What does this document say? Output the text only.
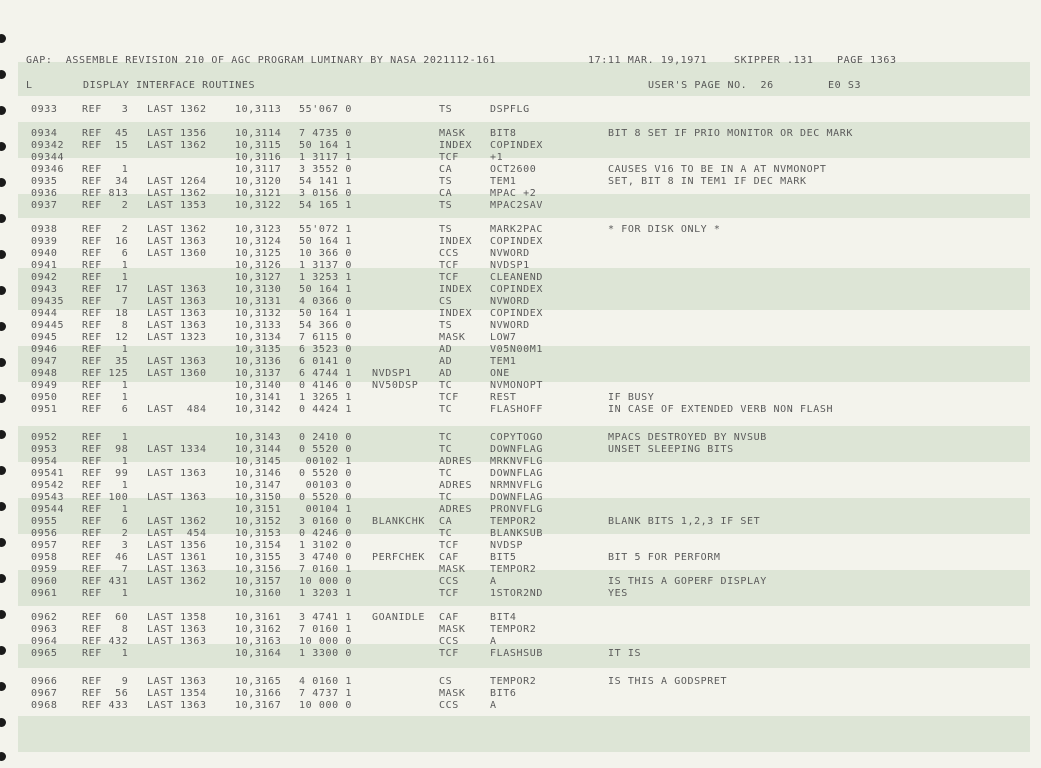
GAP:  ASSEMBLE REVISION 210 OF AGC PROGRAM LUMINARY BY NASA 2021112-161	17:11 MAR. 19,1971	SKIPPER .131 PAGE 1363
L	DISPLAY INTERFACE ROUTINES	USER'S PAGE NO.  26	E0 S3
0933 REF   3 LAST 1362	10,3113 55'067 0	TS	DSPFLG
0934 REF  45 LAST 1356	10,3114 7 4735 0	MASK BIT8	BIT 8 SET IF PRIO MONITOR OR DEC MARK
09342 REF  15 LAST 1362	10,3115 50 164 1	INDEX COPINDEX
09344	10,3116 1 3117 1	TCF	+1
09346 REF   1	10,3117 3 3552 0	CA	OCT2600	CAUSES V16 TO BE IN A AT NVMONOPT
0935 REF  34 LAST 1264	10,3120 54 141 1	TS	TEM1	SET, BIT 8 IN TEM1 IF DEC MARK
0936 REF 813 LAST 1362	10,3121 3 0156 0	CA	MPAC +2
0937 REF   2 LAST 1353	10,3122 54 165 1	TS	MPAC2SAV
0938 REF   2 LAST 1362	10,3123 55'072 1	TS	MARK2PAC	* FOR DISK ONLY *
0939 REF  16 LAST 1363	10,3124 50 164 1	INDEX COPINDEX
0940 REF   6 LAST 1360	10,3125 10 366 0	CCS	NVWORD
0941 REF   1	10,3126 1 3137 0	TCF	NVDSP1
0942 REF   1	10,3127 1 3253 1	TCF	CLEANEND
0943 REF  17 LAST 1363	10,3130 50 164 1	INDEX COPINDEX
09435 REF   7 LAST 1363	10,3131 4 0366 0	CS	NVWORD
0944 REF  18 LAST 1363	10,3132 50 164 1	INDEX COPINDEX
09445 REF   8 LAST 1363	10,3133 54 366 0	TS	NVWORD
0945 REF  12 LAST 1323	10,3134 7 6115 0	MASK LOW7
0946 REF   1	10,3135 6 3523 0	AD	V05N00M1
0947 REF  35 LAST 1363	10,3136 6 0141 0	AD	TEM1
0948 REF 125 LAST 1360	10,3137 6 4744 1 NVDSP1	AD	ONE
0949 REF   1	10,3140 0 4146 0 NV50DSP TC	NVMONOPT
0950 REF   1	10,3141 1 3265 1	TCF	REST	IF BUSY
0951 REF   6 LAST  484	10,3142 0 4424 1	TC	FLASHOFF	IN CASE OF EXTENDED VERB NON FLASH
0952 REF   1	10,3143 0 2410 0	TC	COPYTOGO	MPACS DESTROYED BY NVSUB
0953 REF  98 LAST 1334	10,3144 0 5520 0	TC	DOWNFLAG	UNSET SLEEPING BITS
0954 REF   1	10,3145 00102 1	ADRES MRKNVFLG
09541 REF  99 LAST 1363	10,3146 0 5520 0	TC	DOWNFLAG
09542 REF   1	10,3147 00103 0	ADRES NRMNVFLG
09543 REF 100 LAST 1363	10,3150 0 5520 0	TC	DOWNFLAG
09544 REF   1	10,3151 00104 1	ADRES PRONVFLG
0955 REF   6 LAST 1362	10,3152 3 0160 0 BLANKCHK CA	TEMPOR2	BLANK BITS 1,2,3 IF SET
0956 REF   2 LAST  454	10,3153 0 4246 0	TC	BLANKSUB
0957 REF   3 LAST 1356	10,3154 1 3102 0	TCF	NVDSP
0958 REF  46 LAST 1361	10,3155 3 4740 0 PERFCHEK CAF	BIT5	BIT 5 FOR PERFORM
0959 REF   7 LAST 1363	10,3156 7 0160 1	MASK TEMPOR2
0960 REF 431 LAST 1362	10,3157 10 000 0	CCS	A	IS THIS A GOPERF DISPLAY
0961 REF   1	10,3160 1 3203 1	TCF	1STOR2ND	YES
0962 REF  60 LAST 1358	10,3161 3 4741 1 GOANIDLE CAF	BIT4
0963 REF   8 LAST 1363	10,3162 7 0160 1	MASK TEMPOR2
0964 REF 432 LAST 1363	10,3163 10 000 0	CCS	A
0965 REF   1	10,3164 1 3300 0	TCF	FLASHSUB	IT IS
0966 REF   9 LAST 1363	10,3165 4 0160 1	CS	TEMPOR2	IS THIS A GODSPRET
0967 REF  56 LAST 1354	10,3166 7 4737 1	MASK BIT6
0968 REF 433 LAST 1363	10,3167 10 000 0	CCS	A
